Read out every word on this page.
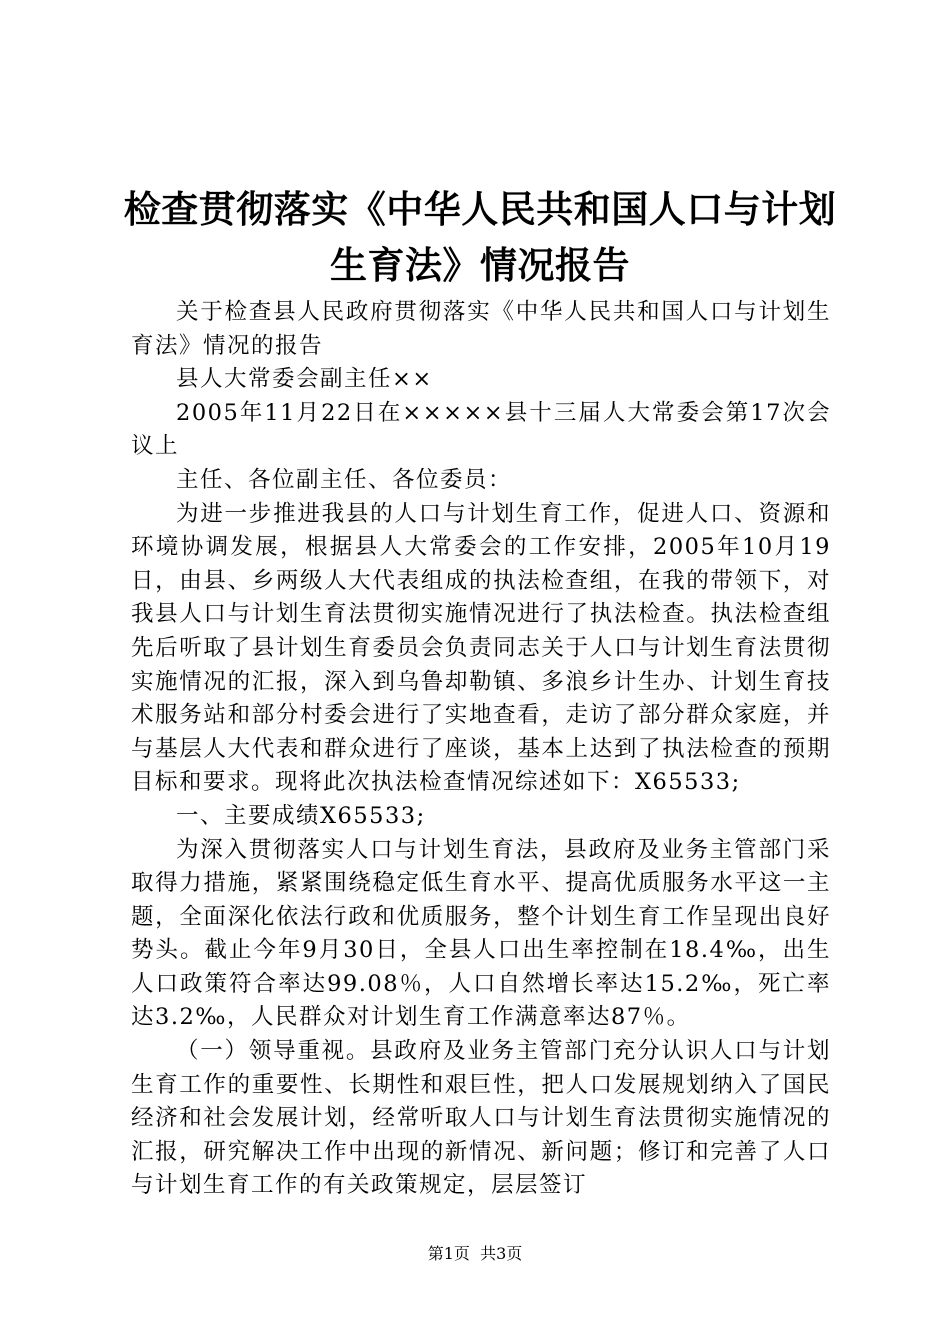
检查贯彻落实《中华人民共和国人口与计划生育法》情况报告

关于检查县人民政府贯彻落实《中华人民共和国人口与计划生育法》情况的报告

县人大常委会副主任××

2005年11月22日在×××××县十三届人大常委会第17次会议上

主任、各位副主任、各位委员：

为进一步推进我县的人口与计划生育工作，促进人口、资源和环境协调发展，根据县人大常委会的工作安排，2005年10月19日，由县、乡两级人大代表组成的执法检查组，在我的带领下，对我县人口与计划生育法贯彻实施情况进行了执法检查。执法检查组先后听取了县计划生育委员会负责同志关于人口与计划生育法贯彻实施情况的汇报，深入到乌鲁却勒镇、多浪乡计生办、计划生育技术服务站和部分村委会进行了实地查看，走访了部分群众家庭，并与基层人大代表和群众进行了座谈，基本上达到了执法检查的预期目标和要求。现将此次执法检查情况综述如下：X65533;

一、主要成绩X65533;

为深入贯彻落实人口与计划生育法，县政府及业务主管部门采取得力措施，紧紧围绕稳定低生育水平、提高优质服务水平这一主题，全面深化依法行政和优质服务，整个计划生育工作呈现出良好势头。截止今年9月30日，全县人口出生率控制在18.4‰，出生人口政策符合率达99.08％，人口自然增长率达15.2‰，死亡率达3.2‰，人民群众对计划生育工作满意率达87％。

（一）领导重视。县政府及业务主管部门充分认识人口与计划生育工作的重要性、长期性和艰巨性，把人口发展规划纳入了国民经济和社会发展计划，经常听取人口与计划生育法贯彻实施情况的汇报，研究解决工作中出现的新情况、新问题；修订和完善了人口与计划生育工作的有关政策规定，层层签订

第1页  共3页
